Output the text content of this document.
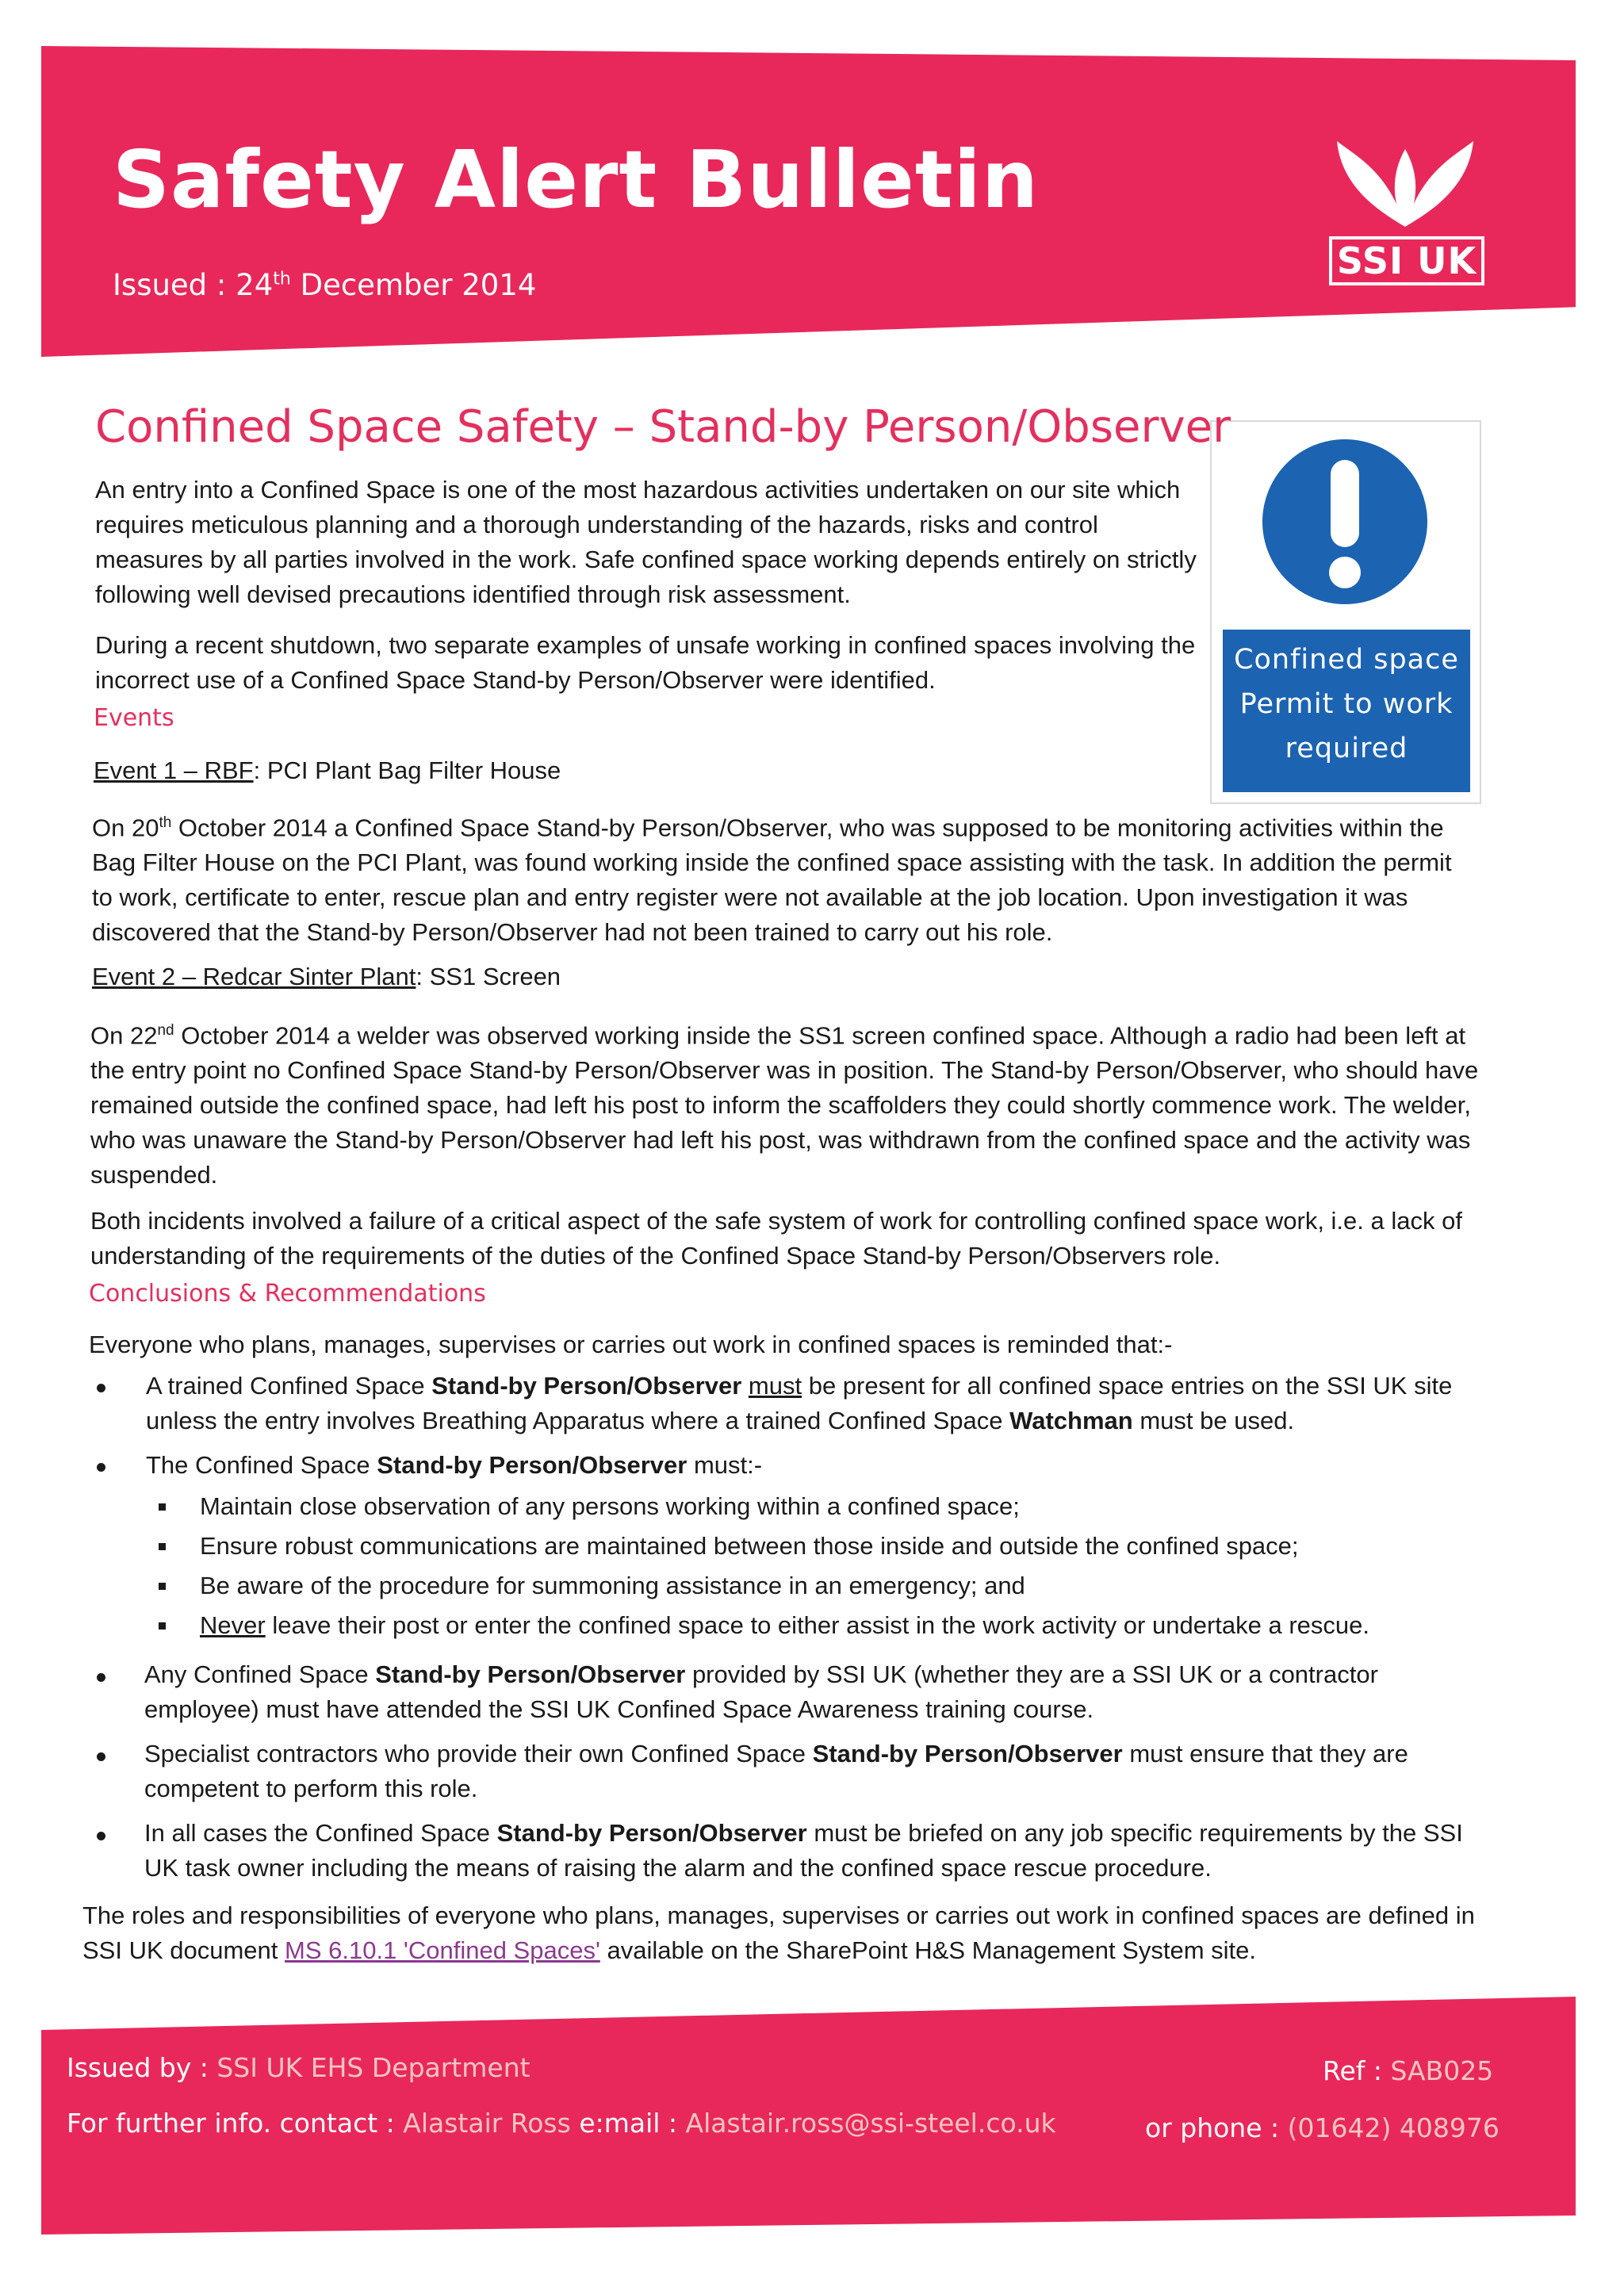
Safety Alert Bulletin
Issued : 24th December 2014
SSI UK
Confined space
Permit to work
required
Confined Space Safety – Stand-by Person/Observer
An entry into a Confined Space is one of the most hazardous activities undertaken on our site which requires meticulous planning and a thorough understanding of the hazards, risks and control measures by all parties involved in the work. Safe confined space working depends entirely on strictly following well devised precautions identified through risk assessment.
During a recent shutdown, two separate examples of unsafe working in confined spaces involving the incorrect use of a Confined Space Stand-by Person/Observer were identified.
Events
Event 1 – RBF: PCI Plant Bag Filter House
On 20th October 2014 a Confined Space Stand-by Person/Observer, who was supposed to be monitoring activities within the Bag Filter House on the PCI Plant, was found working inside the confined space assisting with the task. In addition the permit to work, certificate to enter, rescue plan and entry register were not available at the job location. Upon investigation it was discovered that the Stand-by Person/Observer had not been trained to carry out his role.
Event 2 – Redcar Sinter Plant: SS1 Screen
On 22nd October 2014 a welder was observed working inside the SS1 screen confined space. Although a radio had been left at the entry point no Confined Space Stand-by Person/Observer was in position. The Stand-by Person/Observer, who should have remained outside the confined space, had left his post to inform the scaffolders they could shortly commence work. The welder, who was unaware the Stand-by Person/Observer had left his post, was withdrawn from the confined space and the activity was suspended.
Both incidents involved a failure of a critical aspect of the safe system of work for controlling confined space work, i.e. a lack of understanding of the requirements of the duties of the Confined Space Stand-by Person/Observers role.
Conclusions & Recommendations
Everyone who plans, manages, supervises or carries out work in confined spaces is reminded that:-
A trained Confined Space Stand-by Person/Observer must be present for all confined space entries on the SSI UK site unless the entry involves Breathing Apparatus where a trained Confined Space Watchman must be used.
The Confined Space Stand-by Person/Observer must:-
Maintain close observation of any persons working within a confined space;
Ensure robust communications are maintained between those inside and outside the confined space;
Be aware of the procedure for summoning assistance in an emergency; and
Never leave their post or enter the confined space to either assist in the work activity or undertake a rescue.
Any Confined Space Stand-by Person/Observer provided by SSI UK (whether they are a SSI UK or a contractor employee) must have attended the SSI UK Confined Space Awareness training course.
Specialist contractors who provide their own Confined Space Stand-by Person/Observer must ensure that they are competent to perform this role.
In all cases the Confined Space Stand-by Person/Observer must be briefed on any job specific requirements by the SSI UK task owner including the means of raising the alarm and the confined space rescue procedure.
The roles and responsibilities of everyone who plans, manages, supervises or carries out work in confined spaces are defined in SSI UK document MS 6.10.1 'Confined Spaces' available on the SharePoint H&S Management System site.
Issued by : SSI UK EHS Department	Ref : SAB025
For further info. contact : Alastair Ross e:mail : Alastair.ross@ssi-steel.co.uk	or phone : (01642) 408976
